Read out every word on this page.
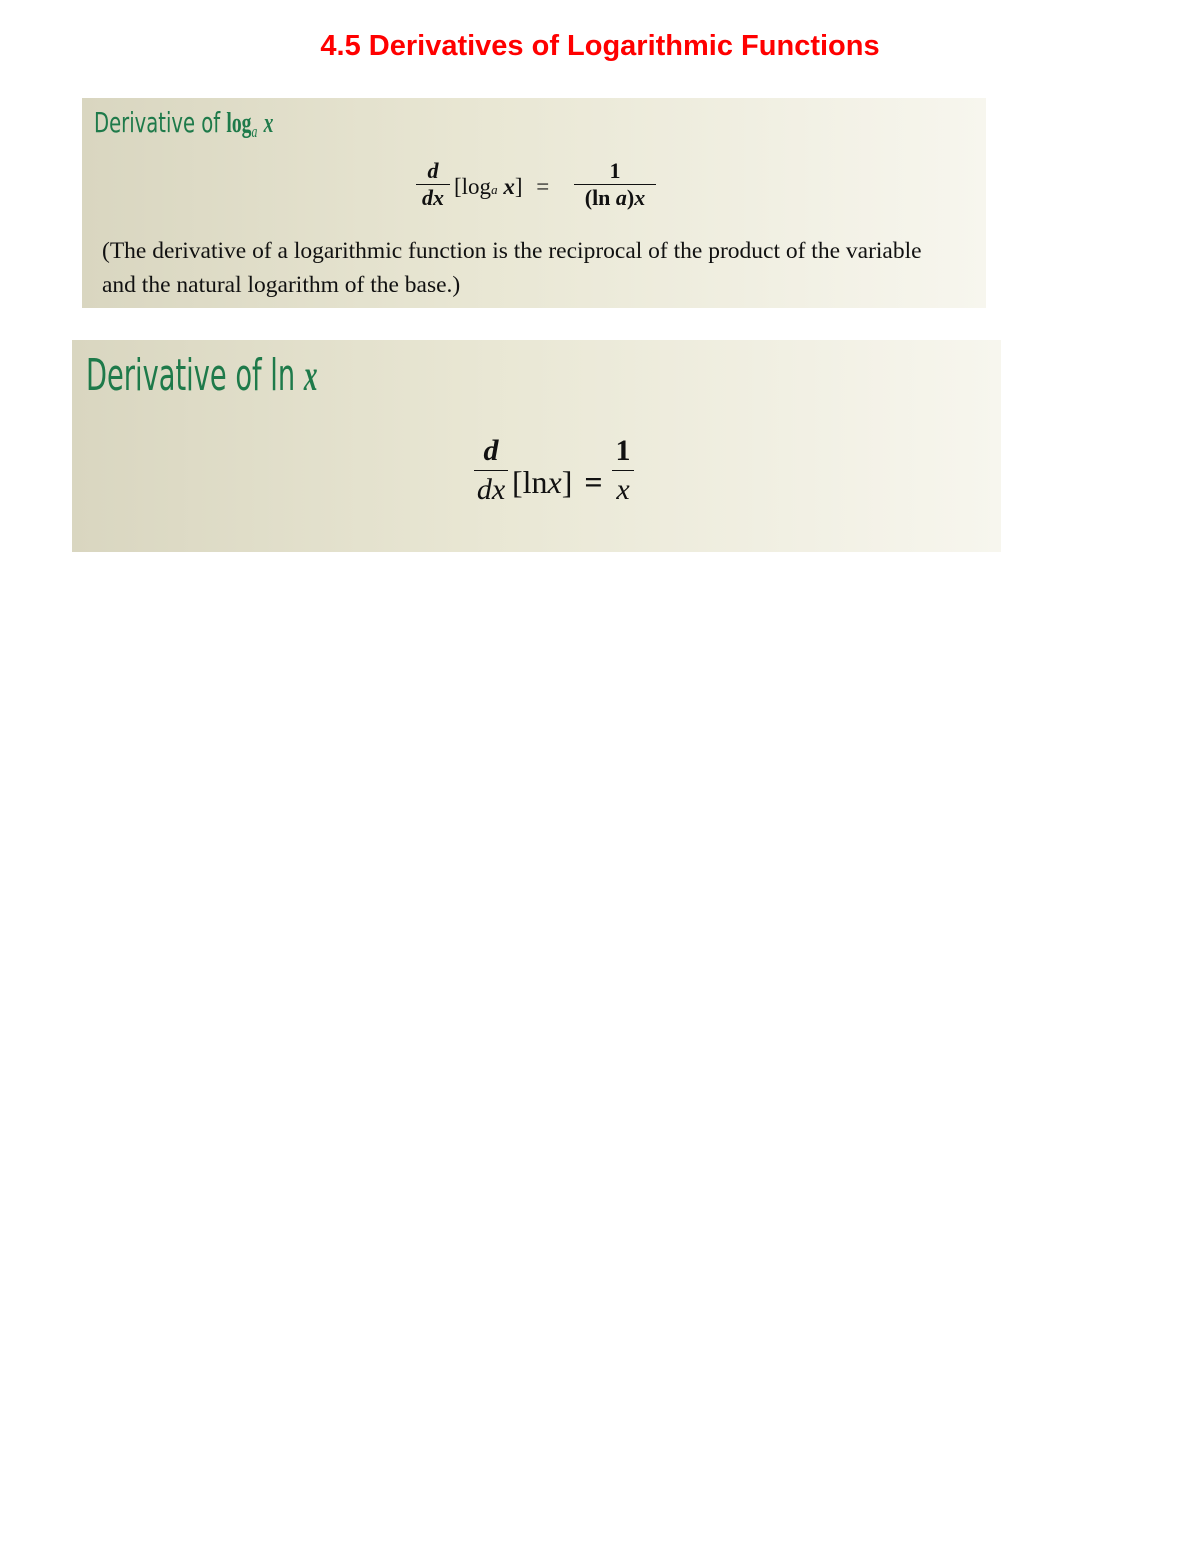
4.5 Derivatives of Logarithmic Functions
Derivative of loga x
d
dx [loga x] =
1
(ln a)x
(The derivative of a logarithmic function is the reciprocal of the product of the variable
and the natural logarithm of the base.)
Derivative of ln x
d
dx [lnx] =
1
x
